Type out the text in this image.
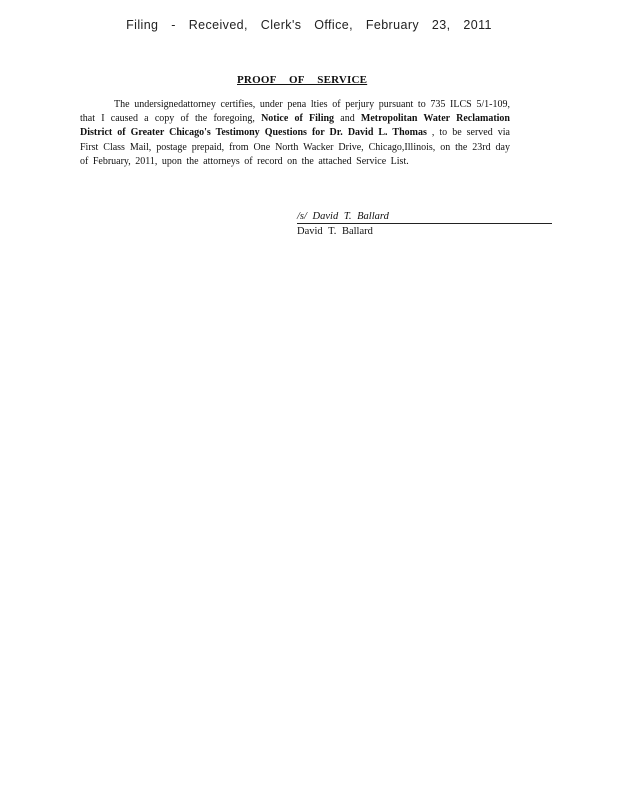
Filing - Received, Clerk's Office, February 23, 2011
PROOF OF SERVICE
The undersignedattorney certifies, under pena lties of perjury pursuant to 735 ILCS 5/1-109, that I caused a copy of the foregoing, Notice of Filing and Metropolitan Water Reclamation District of Greater Chicago's Testimony Questions for Dr. David L. Thomas , to be served via First Class Mail, postage prepaid, from One North Wacker Drive, Chicago,Illinois, on the 23rd day of February, 2011, upon the attorneys of record on the attached Service List.
/s/ David T. Ballard
David T. Ballard
